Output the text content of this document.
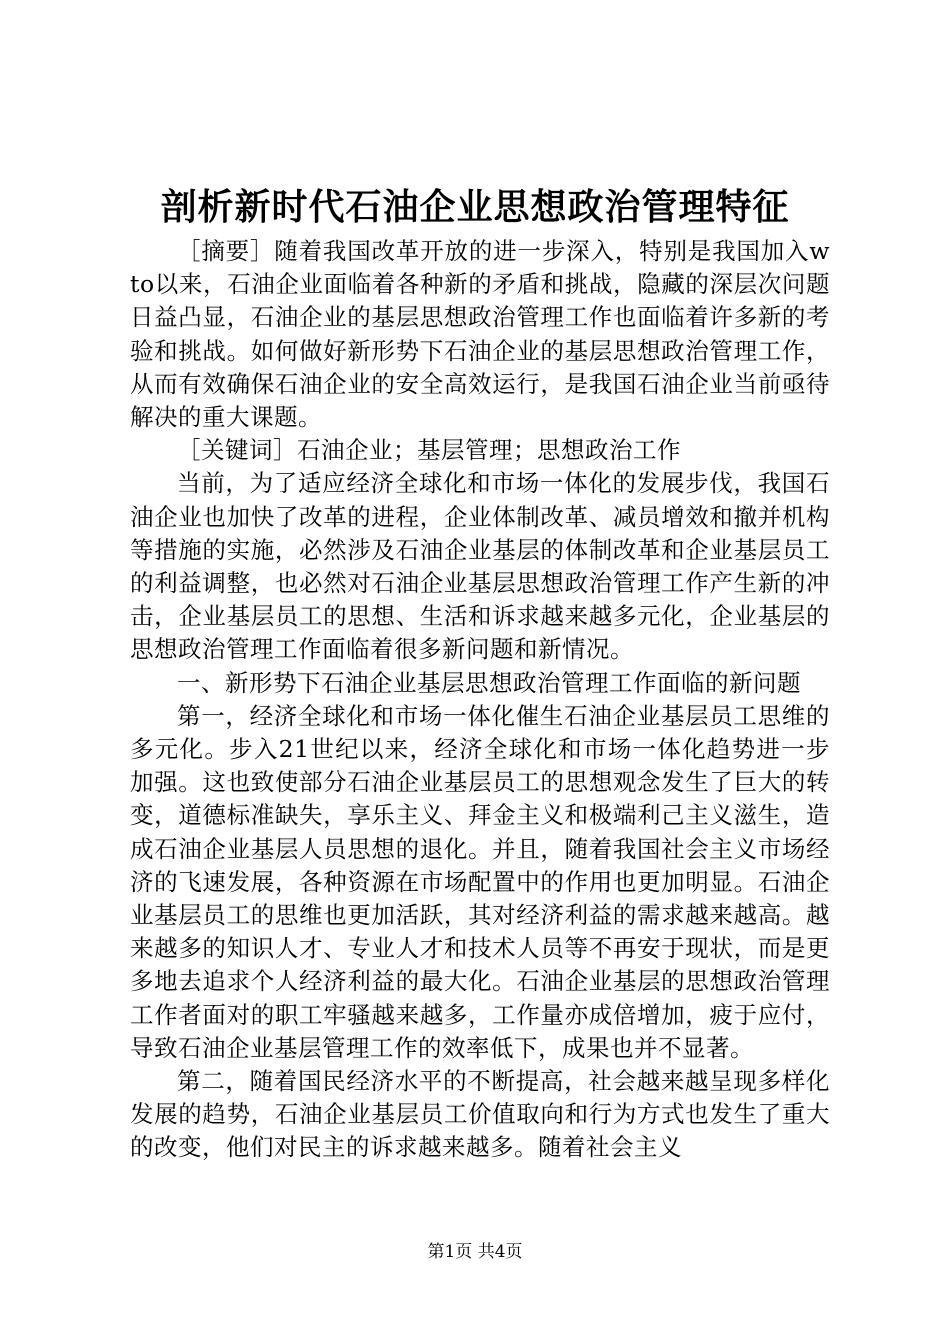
剖析新时代石油企业思想政治管理特征

［摘要］随着我国改革开放的进一步深入，特别是我国加入wto以来，石油企业面临着各种新的矛盾和挑战，隐藏的深层次问题日益凸显，石油企业的基层思想政治管理工作也面临着许多新的考验和挑战。如何做好新形势下石油企业的基层思想政治管理工作，从而有效确保石油企业的安全高效运行，是我国石油企业当前亟待解决的重大课题。

［关键词］石油企业；基层管理；思想政治工作

当前，为了适应经济全球化和市场一体化的发展步伐，我国石油企业也加快了改革的进程，企业体制改革、减员增效和撤并机构等措施的实施，必然涉及石油企业基层的体制改革和企业基层员工的利益调整，也必然对石油企业基层思想政治管理工作产生新的冲击，企业基层员工的思想、生活和诉求越来越多元化，企业基层的思想政治管理工作面临着很多新问题和新情况。

一、新形势下石油企业基层思想政治管理工作面临的新问题

第一，经济全球化和市场一体化催生石油企业基层员工思维的多元化。步入21世纪以来，经济全球化和市场一体化趋势进一步加强。这也致使部分石油企业基层员工的思想观念发生了巨大的转变，道德标准缺失，享乐主义、拜金主义和极端利己主义滋生，造成石油企业基层人员思想的退化。并且，随着我国社会主义市场经济的飞速发展，各种资源在市场配置中的作用也更加明显。石油企业基层员工的思维也更加活跃，其对经济利益的需求越来越高。越来越多的知识人才、专业人才和技术人员等不再安于现状，而是更多地去追求个人经济利益的最大化。石油企业基层的思想政治管理工作者面对的职工牢骚越来越多，工作量亦成倍增加，疲于应付，导致石油企业基层管理工作的效率低下，成果也并不显著。

第二，随着国民经济水平的不断提高，社会越来越呈现多样化发展的趋势，石油企业基层员工价值取向和行为方式也发生了重大的改变，他们对民主的诉求越来越多。随着社会主义

第1页 共4页
